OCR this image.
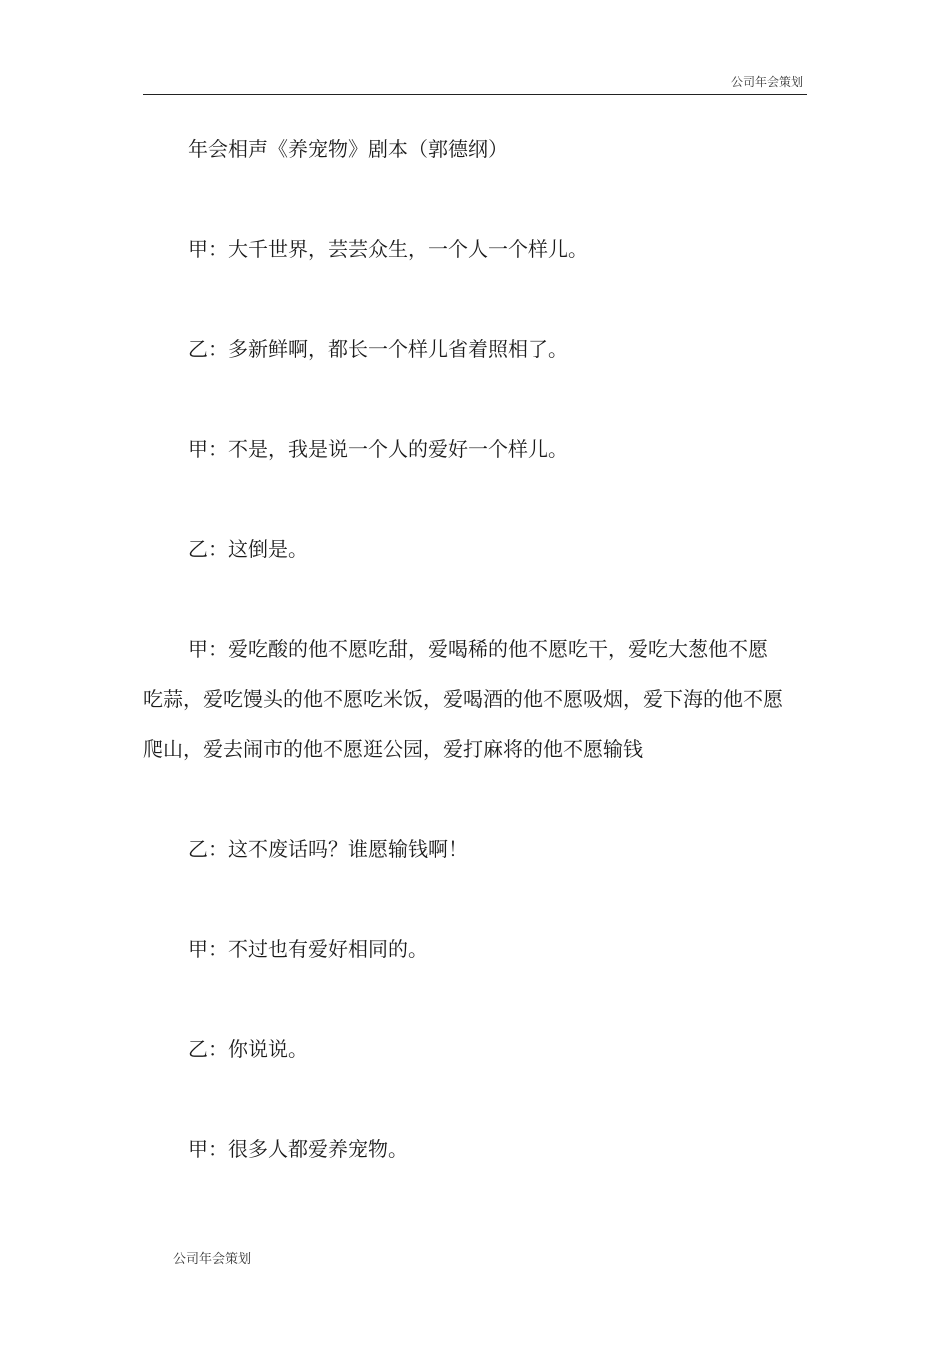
公司年会策划

年会相声《养宠物》剧本（郭德纲）

甲：大千世界，芸芸众生，一个人一个样儿。

乙：多新鲜啊，都长一个样儿省着照相了。

甲：不是，我是说一个人的爱好一个样儿。

乙：这倒是。

甲：爱吃酸的他不愿吃甜，爱喝稀的他不愿吃干，爱吃大葱他不愿吃蒜，爱吃馒头的他不愿吃米饭，爱喝酒的他不愿吸烟，爱下海的他不愿爬山，爱去闹市的他不愿逛公园，爱打麻将的他不愿输钱

乙：这不废话吗？谁愿输钱啊！

甲：不过也有爱好相同的。

乙：你说说。

甲：很多人都爱养宠物。

公司年会策划
